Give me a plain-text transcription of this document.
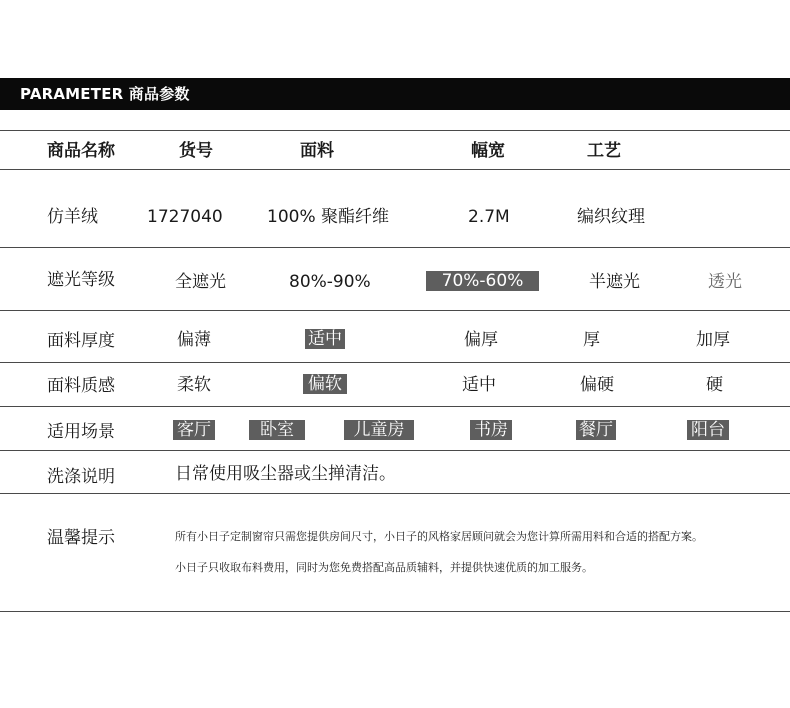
PARAMETER 商品参数
商品名称	货号	面料	幅宽	工艺
仿羊绒	1727040	100% 聚酯纤维	2.7M	编织纹理
遮光等级	全遮光	80%-90%	70%-60%	半遮光	透光
面料厚度	偏薄	适中	偏厚	厚	加厚
面料质感	柔软	偏软	适中	偏硬	硬
适用场景	客厅	卧室	儿童房	书房	餐厅	阳台
洗涤说明	日常使用吸尘器或尘掸清洁。
温馨提示	所有小日子定制窗帘只需您提供房间尺寸，小日子的风格家居顾问就会为您计算所需用料和合适的搭配方案。
小日子只收取布料费用，同时为您免费搭配高品质辅料，并提供快速优质的加工服务。
